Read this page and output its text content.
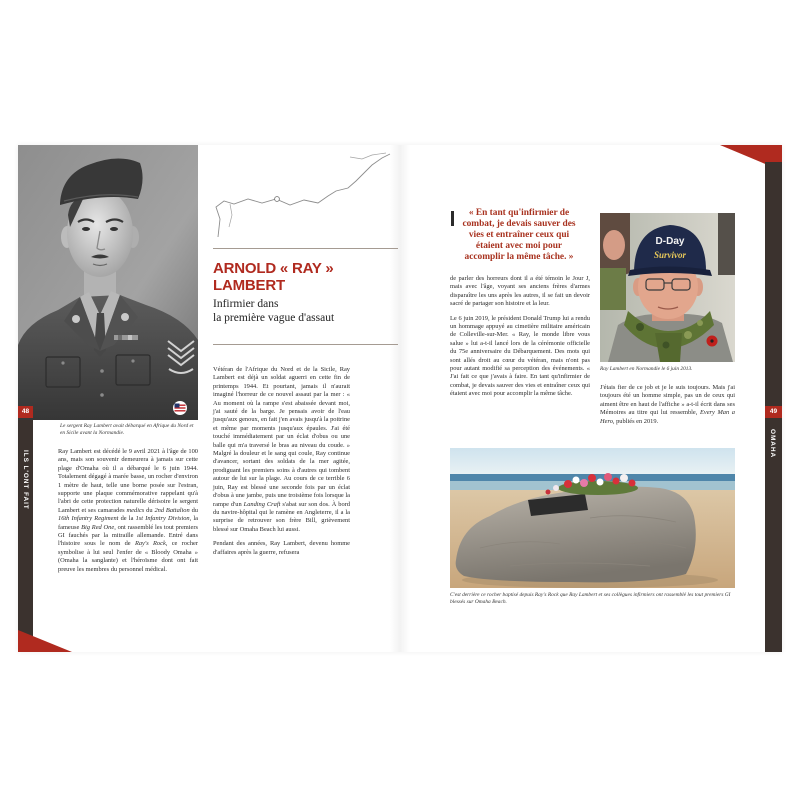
48
ILS L'ONT FAIT
Le sergent Ray Lambert avait débarqué en Afrique du Nord et en Sicile avant la Normandie.

Ray Lambert est décédé le 9 avril 2021 à l'âge de 100 ans, mais son souvenir demeurera à jamais sur cette plage d'Omaha où il a débarqué le 6 juin 1944. Totalement dégagé à marée basse, un rocher d'environ 1 mètre de haut, telle une borne posée sur l'estran, supporte une plaque commémorative rappelant qu'à l'abri de cette protection naturelle dérisoire le sergent Lambert et ses camarades medics du 2nd Battalion du 16th Infantry Regiment de la 1st Infantry Division, la fameuse Big Red One, ont rassemblé les tout premiers GI fauchés par la mitraille allemande. Entré dans l'histoire sous le nom de Ray's Rock, ce rocher symbolise à lui seul l'enfer de « Bloody Omaha » (Omaha la sanglante) et l'héroïsme dont ont fait preuve les membres du personnel médical.

ARNOLD « RAY »
LAMBERT
Infirmier dans
la première vague d'assaut

Vétéran de l'Afrique du Nord et de la Sicile, Ray Lambert est déjà un soldat aguerri en cette fin de printemps 1944. Et pourtant, jamais il n'aurait imaginé l'horreur de ce nouvel assaut par la mer : « Au moment où la rampe s'est abaissée devant moi, j'ai sauté de la barge. Je pensais avoir de l'eau jusqu'aux genoux, en fait j'en avais jusqu'à la poitrine et même par moments jusqu'aux épaules. J'ai été touché immédiatement par un éclat d'obus ou une balle qui m'a traversé le bras au niveau du coude. » Malgré la douleur et le sang qui coule, Ray continue d'avancer, sortant des soldats de la mer agitée, prodiguant les premiers soins à d'autres qui tombent autour de lui sur la plage. Au cours de ce terrible 6 juin, Ray est blessé une seconde fois par un éclat d'obus à une jambe, puis une troisième fois lorsque la rampe d'un Landing Craft s'abat sur son dos. À bord du navire-hôpital qui le ramène en Angleterre, il a la surprise de retrouver son frère Bill, grièvement blessé sur Omaha Beach lui aussi.

Pendant des années, Ray Lambert, devenu homme d'affaires après la guerre, refusera

49
OMAHA
« En tant qu'infirmier de combat, je devais sauver des vies et entraîner ceux qui étaient avec moi pour accomplir la même tâche. »

de parler des horreurs dont il a été témoin le Jour J, mais avec l'âge, voyant ses anciens frères d'armes disparaître les uns après les autres, il se fait un devoir sacré de partager son histoire et la leur.

Le 6 juin 2019, le président Donald Trump lui a rendu un hommage appuyé au cimetière militaire américain de Colleville-sur-Mer. « Ray, le monde libre vous salue » lui a-t-il lancé lors de la cérémonie officielle du 75e anniversaire du Débarquement. Des mots qui sont allés droit au cœur du vétéran, mais n'ont pas pour autant modifié sa perception des événements. « J'ai fait ce que j'avais à faire. En tant qu'infirmier de combat, je devais sauver des vies et entraîner ceux qui étaient avec moi pour accomplir la même tâche.

D-Day
Survivor
Ray Lambert en Normandie le 6 juin 2013.

J'étais fier de ce job et je le suis toujours. Mais j'ai toujours été un homme simple, pas un de ceux qui aiment être en haut de l'affiche » a-t-il écrit dans ses Mémoires au titre qui lui ressemble, Every Man a Hero, publiés en 2019.

C'est derrière ce rocher baptisé depuis Ray's Rock que Ray Lambert et ses collègues infirmiers ont rassemblé les tout premiers GI blessés sur Omaha Beach.
